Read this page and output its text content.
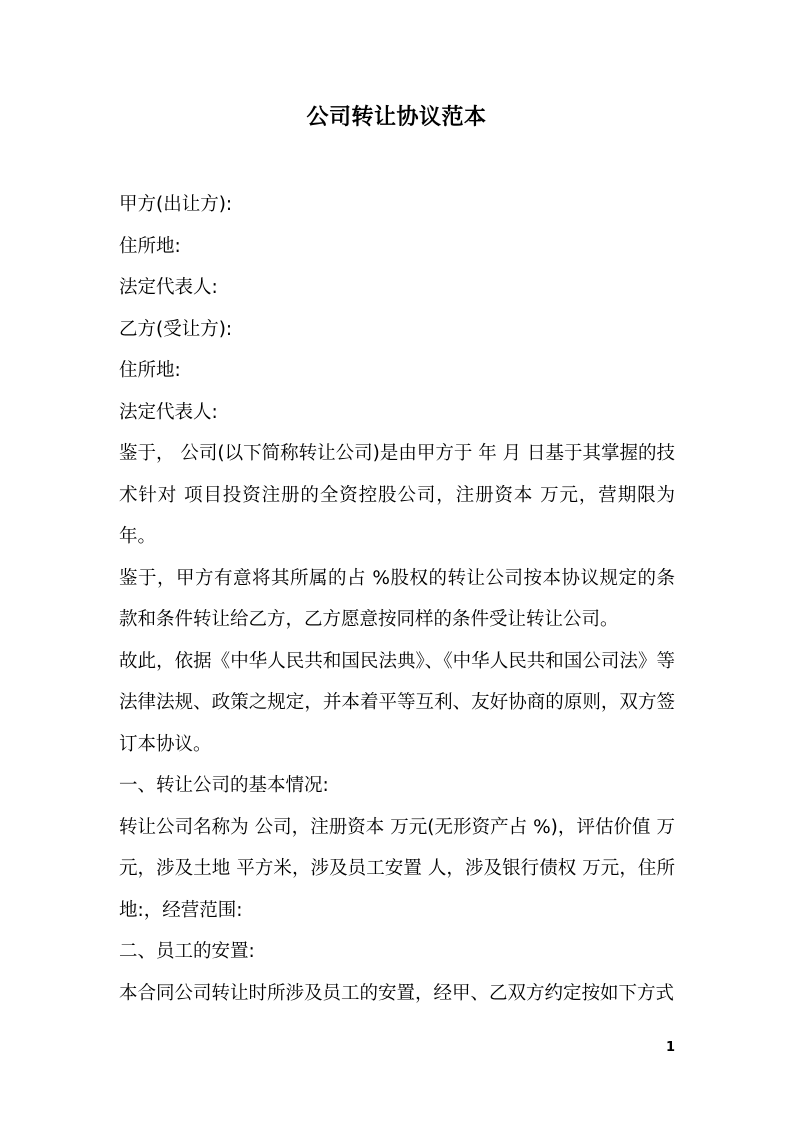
公司转让协议范本

甲方(出让方):

住所地:

法定代表人:

乙方(受让方):

住所地:

法定代表人:

鉴于， 公司(以下简称转让公司)是由甲方于 年 月 日基于其掌握的技术针对 项目投资注册的全资控股公司，注册资本 万元，营期限为 年。

鉴于，甲方有意将其所属的占 %股权的转让公司按本协议规定的条款和条件转让给乙方，乙方愿意按同样的条件受让转让公司。

故此，依据《中华人民共和国民法典》、《中华人民共和国公司法》等法律法规、政策之规定，并本着平等互利、友好协商的原则，双方签订本协议。

一、转让公司的基本情况:

转让公司名称为 公司，注册资本 万元(无形资产占 %)，评估价值 万元，涉及土地 平方米，涉及员工安置 人，涉及银行债权 万元，住所地:，经营范围:

二、员工的安置:

本合同公司转让时所涉及员工的安置，经甲、乙双方约定按如下方式

1
